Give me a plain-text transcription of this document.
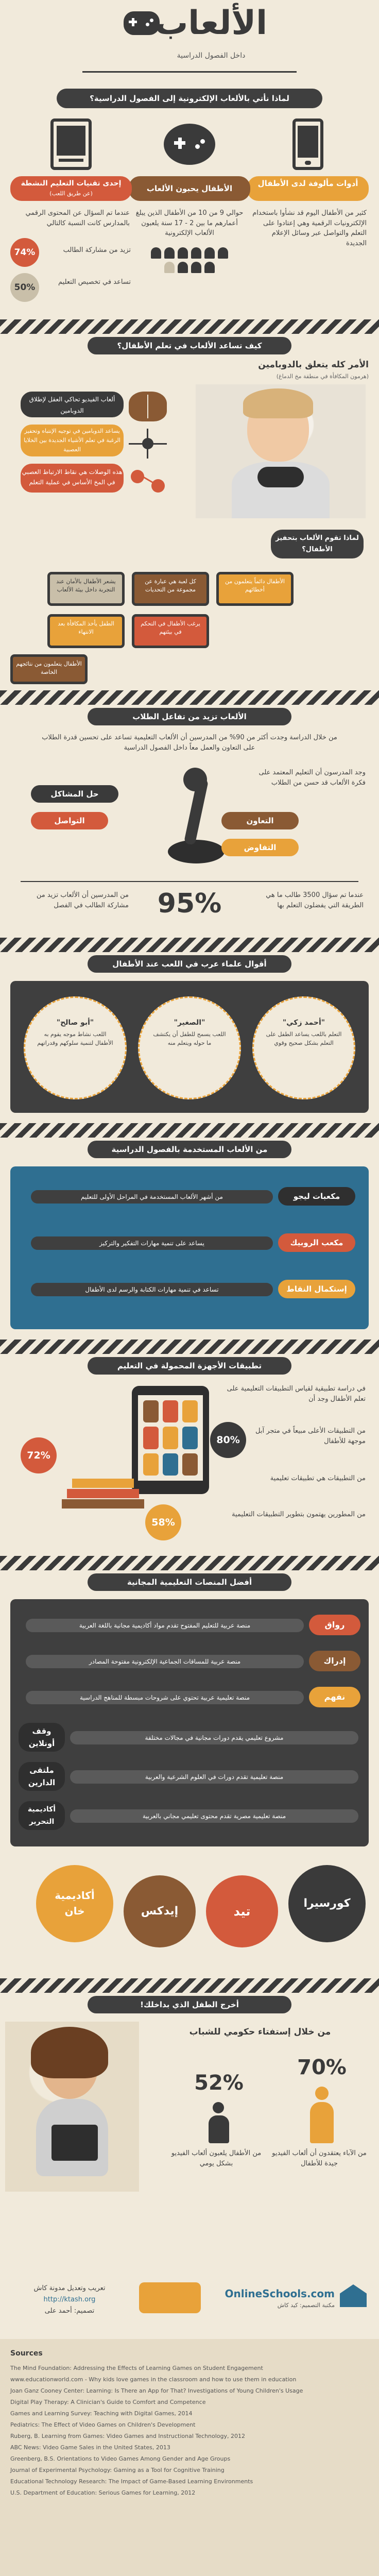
الألعاب
داخل الفصول الدراسية
لماذا نأتي بالألعاب الإلكترونية إلى الفصول الدراسية؟
أدوات مألوفة لدى الأطفال
كثير من الأطفال اليوم قد نشأوا باستخدام الإلكترونيات الرقمية وهي إعتادوا على التعلم والتواصل عبر وسائل الإعلام الجديدة
الأطفال يحبون الألعاب
حوالي 9 من 10 من الأطفال الذين يبلغ أعمارهم ما بين 2 - 17 سنة يلعبون الألعاب الإلكترونية
إحدى تقنيات التعليم النشطة
(عن طريق اللعب)
عندما تم السؤال عن المحتوى الرقمي بالمدارس كانت النسبة كالتالي
74%	تزيد من مشاركة الطالب
50%
تساعد في تخصيص التعليم
كيف تساعد الألعاب في تعلم الأطفال؟
الأمر كله يتعلق بالدوبامين
(هرمون المكافأة في منطقة مخ الدماغ)
ألعاب الفيديو تحاكي العقل لإطلاق الدوبامين
يساعد الدوبامين في توجيه الإنتباه وتحفيز الرغبة في تعلم الأشياء الجديدة بين الخلايا العصبية
هذه الوصلات هي نقاط الارتباط العصبي في المخ الأساس في عملية التعلم
لماذا تقوم الألعاب بتحفيز الأطفال؟
الأطفال دائماً يتعلمون من أخطائهم
كل لعبة هي عبارة عن مجموعة من التحديات
يرغب الأطفال في التحكم في بيئتهم
يشعر الأطفال بالأمان عند التجربة داخل بيئة الألعاب
الطفل يأخذ المكافأة بعد الانتهاء
الأطفال يتعلمون من نتائجهم الخاصة
الألعاب تزيد من تفاعل الطلاب
من خلال الدراسة وجدت أكثر من 90% من المدرسين أن الألعاب التعليمية تساعد على تحسين قدرة الطلاب على التعاون والعمل معاً داخل الفصول الدراسية
وجد المدرسون أن التعليم المعتمد على فكرة الألعاب قد حسن من الطلاب
حل المشاكل
التعاون
التواصل
التفاوض
من المدرسين أن الألعاب تزيد من مشاركة الطالب في الفصل	95%	عندما تم سؤال 3500 طالب ما هي الطريقة التي يفضلون التعلم بها
أقوال علماء عرب في اللعب عند الأطفال
"أحمد زكي"
التعلم باللعب يساعد الطفل على التعلم بشكل صحيح وقوي
"الصغير"
اللعب يسمح للطفل أن يكتشف ما حوله ويتعلم منه
"أبو صالح"
اللعب نشاط موجه يقوم به الأطفال لتنمية سلوكهم وقدراتهم
من الألعاب المستخدمة بالفصول الدراسية
مكعبات ليجو
من أشهر الألعاب المستخدمة في المراحل الأولى للتعليم
مكعب الروبيك
يساعد على تنمية مهارات التفكير والتركيز
إستكمال النقاط
تساعد في تنمية مهارات الكتابة والرسم لدى الأطفال
تطبيقات الأجهزة المحمولة في التعليم
في دراسة تطبيقية لقياس التطبيقات التعليمية على تعلم الأطفال وجد أن
80%
من التطبيقات الأعلى مبيعاً في متجر آبل موجهة للأطفال
72%
من التطبيقات هي تطبيقات تعليمية
58%
من المطورين يهتمون بتطوير التطبيقات التعليمية
أفضل المنصات التعليمية المجانية
رواق
منصة عربية للتعليم المفتوح تقدم مواد أكاديمية مجانية باللغة العربية
إدراك
منصة عربية للمساقات الجماعية الإلكترونية مفتوحة المصادر
نفهم
منصة تعليمية عربية تحتوي على شروحات مبسطة للمناهج الدراسية
وقف أونلاين
مشروع تعليمي يقدم دورات مجانية في مجالات مختلفة
ملتقى الدارين
منصة تعليمية تقدم دورات في العلوم الشرعية والعربية
أكاديمية التحرير
منصة تعليمية مصرية تقدم محتوى تعليمي مجاني بالعربية
كورسيرا
تيد
إيدكس
أكاديمية خان
أخرج الطفل الذي بداخلك!
من خلال إستفتاء حكومي للشباب
70%
من الآباء يعتقدون أن ألعاب الفيديو جيدة للأطفال
52%
من الأطفال يلعبون ألعاب الفيديو بشكل يومي
OnlineSchools.com
مكتبة التصميم: كيد كاش
تعريب وتعديل مدونة كاش
http://ktash.org
تصميم: أحمد على
Sources
The Mind Foundation: Addressing the Effects of Learning Games on Student Engagement
www.educationworld.com - Why kids love games in the classroom and how to use them in education
Joan Ganz Cooney Center: Learning: Is There an App for That? Investigations of Young Children's Usage
Digital Play Therapy: A Clinician's Guide to Comfort and Competence
Games and Learning Survey: Teaching with Digital Games, 2014
Pediatrics: The Effect of Video Games on Children's Development
Ruberg, B. Learning from Games: Video Games and Instructional Technology, 2012
ABC News: Video Game Sales in the United States, 2013
Greenberg, B.S. Orientations to Video Games Among Gender and Age Groups
Journal of Experimental Psychology: Gaming as a Tool for Cognitive Training
Educational Technology Research: The Impact of Game-Based Learning Environments
U.S. Department of Education: Serious Games for Learning, 2012
